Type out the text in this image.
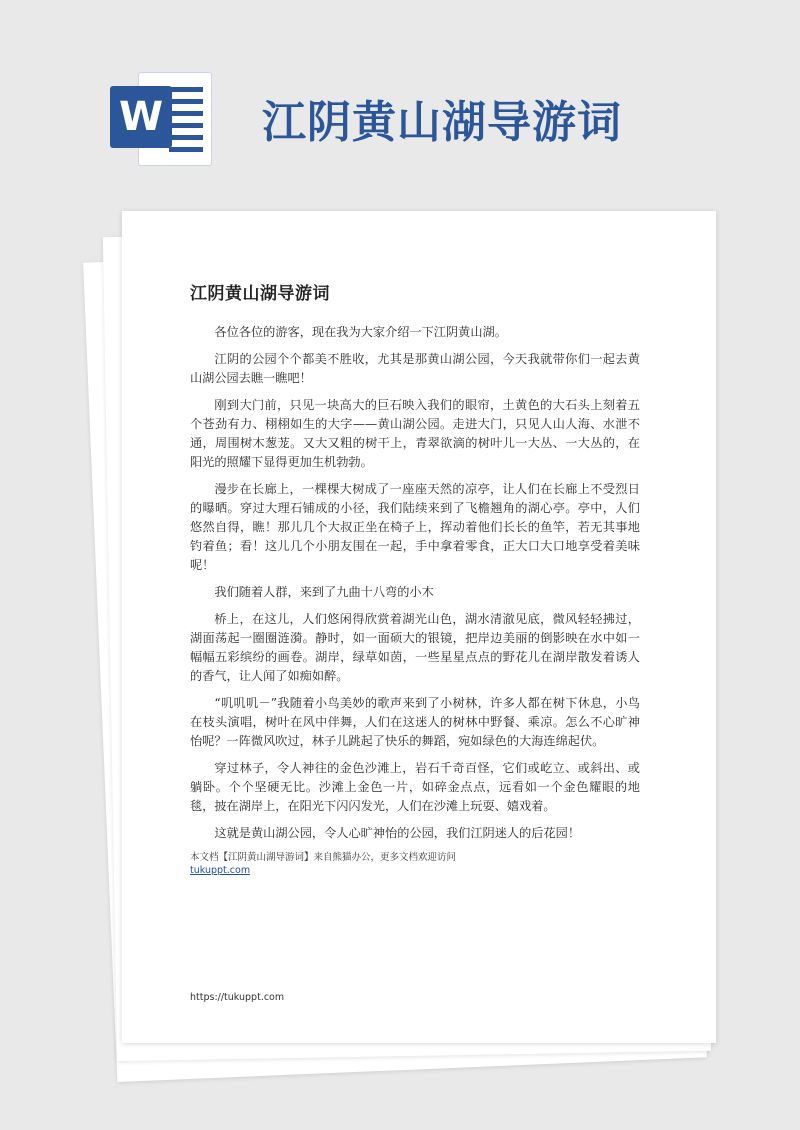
W 江阴黄山湖导游词
江阴黄山湖导游词

各位各位的游客，现在我为大家介绍一下江阴黄山湖。

江阴的公园个个都美不胜收，尤其是那黄山湖公园，今天我就带你们一起去黄山湖公园去瞧一瞧吧！

刚到大门前，只见一块高大的巨石映入我们的眼帘，土黄色的大石头上刻着五个苍劲有力、栩栩如生的大字——黄山湖公园。走进大门，只见人山人海、水泄不通，周围树木葱茏。又大又粗的树干上，青翠欲滴的树叶儿一大丛、一大丛的，在阳光的照耀下显得更加生机勃勃。

漫步在长廊上，一棵棵大树成了一座座天然的凉亭，让人们在长廊上不受烈日的曝晒。穿过大理石铺成的小径，我们陆续来到了飞檐翘角的湖心亭。亭中，人们悠然自得，瞧！那儿几个大叔正坐在椅子上，挥动着他们长长的鱼竿，若无其事地钓着鱼；看！这儿几个小朋友围在一起，手中拿着零食，正大口大口地享受着美味呢！

我们随着人群，来到了九曲十八弯的小木

桥上，在这儿，人们悠闲得欣赏着湖光山色，湖水清澈见底，微风轻轻拂过，湖面荡起一圈圈涟漪。静时，如一面硕大的银镜，把岸边美丽的倒影映在水中如一幅幅五彩缤纷的画卷。湖岸，绿草如茵，一些星星点点的野花儿在湖岸散发着诱人的香气，让人闻了如痴如醉。

“叽叽叽－”我随着小鸟美妙的歌声来到了小树林，许多人都在树下休息，小鸟在枝头演唱，树叶在风中伴舞，人们在这迷人的树林中野餐、乘凉。怎么不心旷神怡呢？一阵微风吹过，林子儿跳起了快乐的舞蹈，宛如绿色的大海连绵起伏。

穿过林子，令人神往的金色沙滩上，岩石千奇百怪，它们或屹立、或斜出、或躺卧。个个坚硬无比。沙滩上金色一片，如碎金点点，远看如一个金色耀眼的地毯，披在湖岸上，在阳光下闪闪发光，人们在沙滩上玩耍、嬉戏着。

这就是黄山湖公园，令人心旷神怡的公园，我们江阴迷人的后花园！

本文档【江阴黄山湖导游词】来自熊猫办公，更多文档欢迎访问
tukuppt.com
https://tukuppt.com
